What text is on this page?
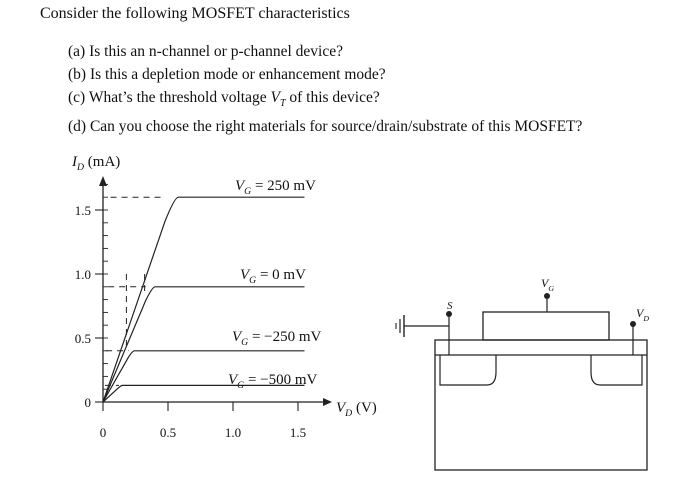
Consider the following MOSFET characteristics
(a) Is this an n-channel or p-channel device?
(b) Is this a depletion mode or enhancement mode?
(c) What’s the threshold voltage $V_T$ of this device?
(d) Can you choose the right materials for source/drain/substrate of this MOSFET?
0
0.5
1.0
1.5
0	0.5	1.0	1.5
$I_D$ (mA)
$V_D$ (V)
$V_G = 250$ mV
$V_G = 0$ mV
$V_G = -250$ mV
$V_G = -500$ mV
S
$V_G$
$V_D$
